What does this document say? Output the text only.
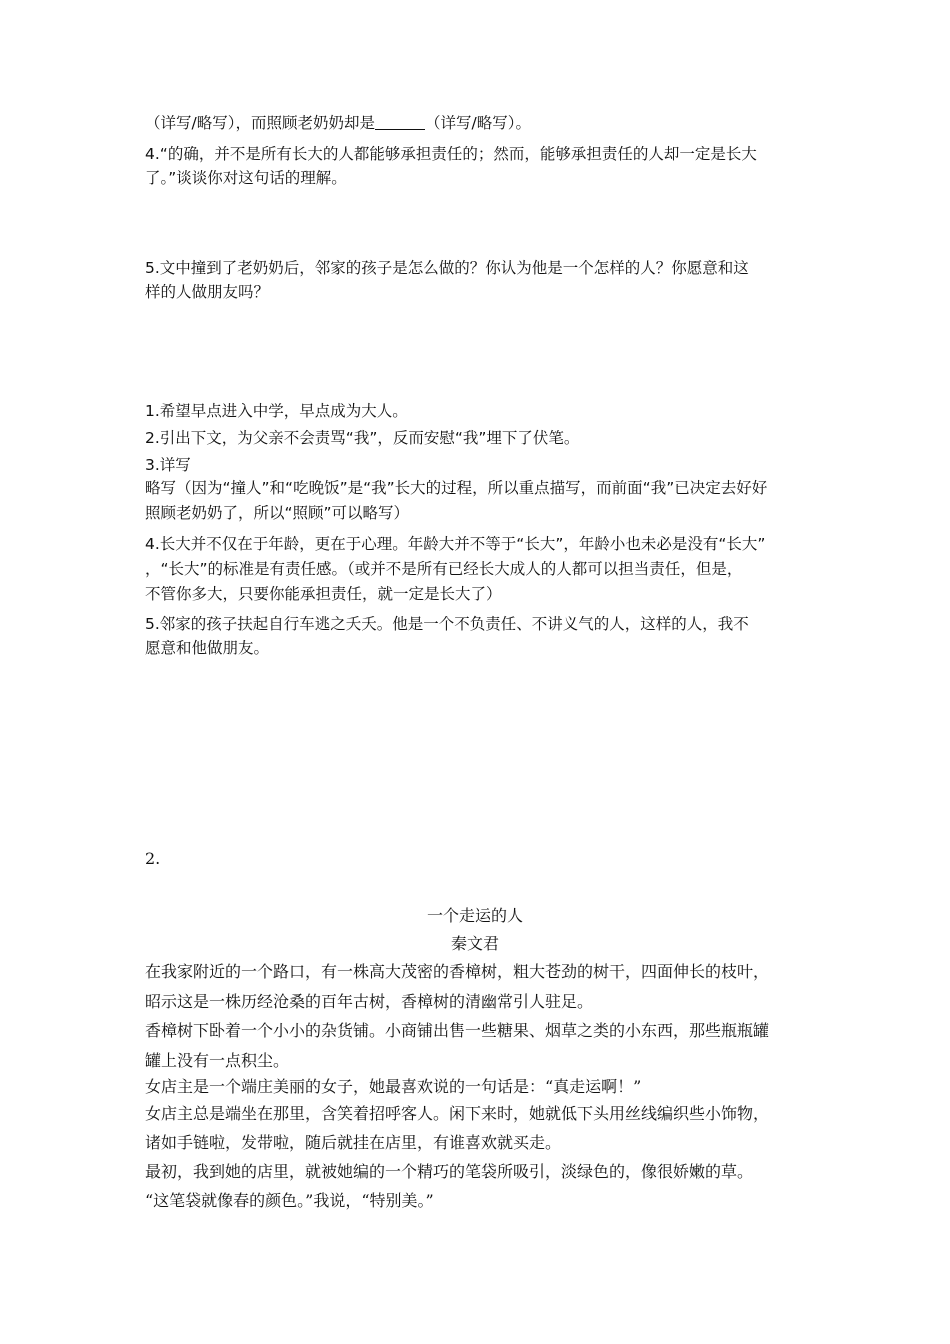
（详写/略写），而照顾老奶奶却是	（详写/略写）。
4.“的确，并不是所有长大的人都能够承担责任的；然而，能够承担责任的人却一定是长大
了。”谈谈你对这句话的理解。
5.文中撞到了老奶奶后，邻家的孩子是怎么做的？你认为他是一个怎样的人？你愿意和这
样的人做朋友吗？
1.希望早点进入中学，早点成为大人。
2.引出下文，为父亲不会责骂“我”，反而安慰“我”埋下了伏笔。
3.详写
略写（因为“撞人”和“吃晚饭”是“我”长大的过程，所以重点描写，而前面“我”已决定去好好
照顾老奶奶了，所以“照顾”可以略写）
4.长大并不仅在于年龄，更在于心理。年龄大并不等于“长大”，年龄小也未必是没有“长大”
，“长大”的标准是有责任感。（或并不是所有已经长大成人的人都可以担当责任，但是，
不管你多大，只要你能承担责任，就一定是长大了）
5.邻家的孩子扶起自行车逃之夭夭。他是一个不负责任、不讲义气的人，这样的人，我不
愿意和他做朋友。
2.
一个走运的人
秦文君
在我家附近的一个路口，有一株高大茂密的香樟树，粗大苍劲的树干，四面伸长的枝叶，
昭示这是一株历经沧桑的百年古树，香樟树的清幽常引人驻足。
香樟树下卧着一个小小的杂货铺。小商铺出售一些糖果、烟草之类的小东西，那些瓶瓶罐
罐上没有一点积尘。
女店主是一个端庄美丽的女子，她最喜欢说的一句话是：“真走运啊！”
女店主总是端坐在那里，含笑着招呼客人。闲下来时，她就低下头用丝线编织些小饰物，
诸如手链啦，发带啦，随后就挂在店里，有谁喜欢就买走。
最初，我到她的店里，就被她编的一个精巧的笔袋所吸引，淡绿色的，像很娇嫩的草。
“这笔袋就像春的颜色。”我说，“特别美。”
